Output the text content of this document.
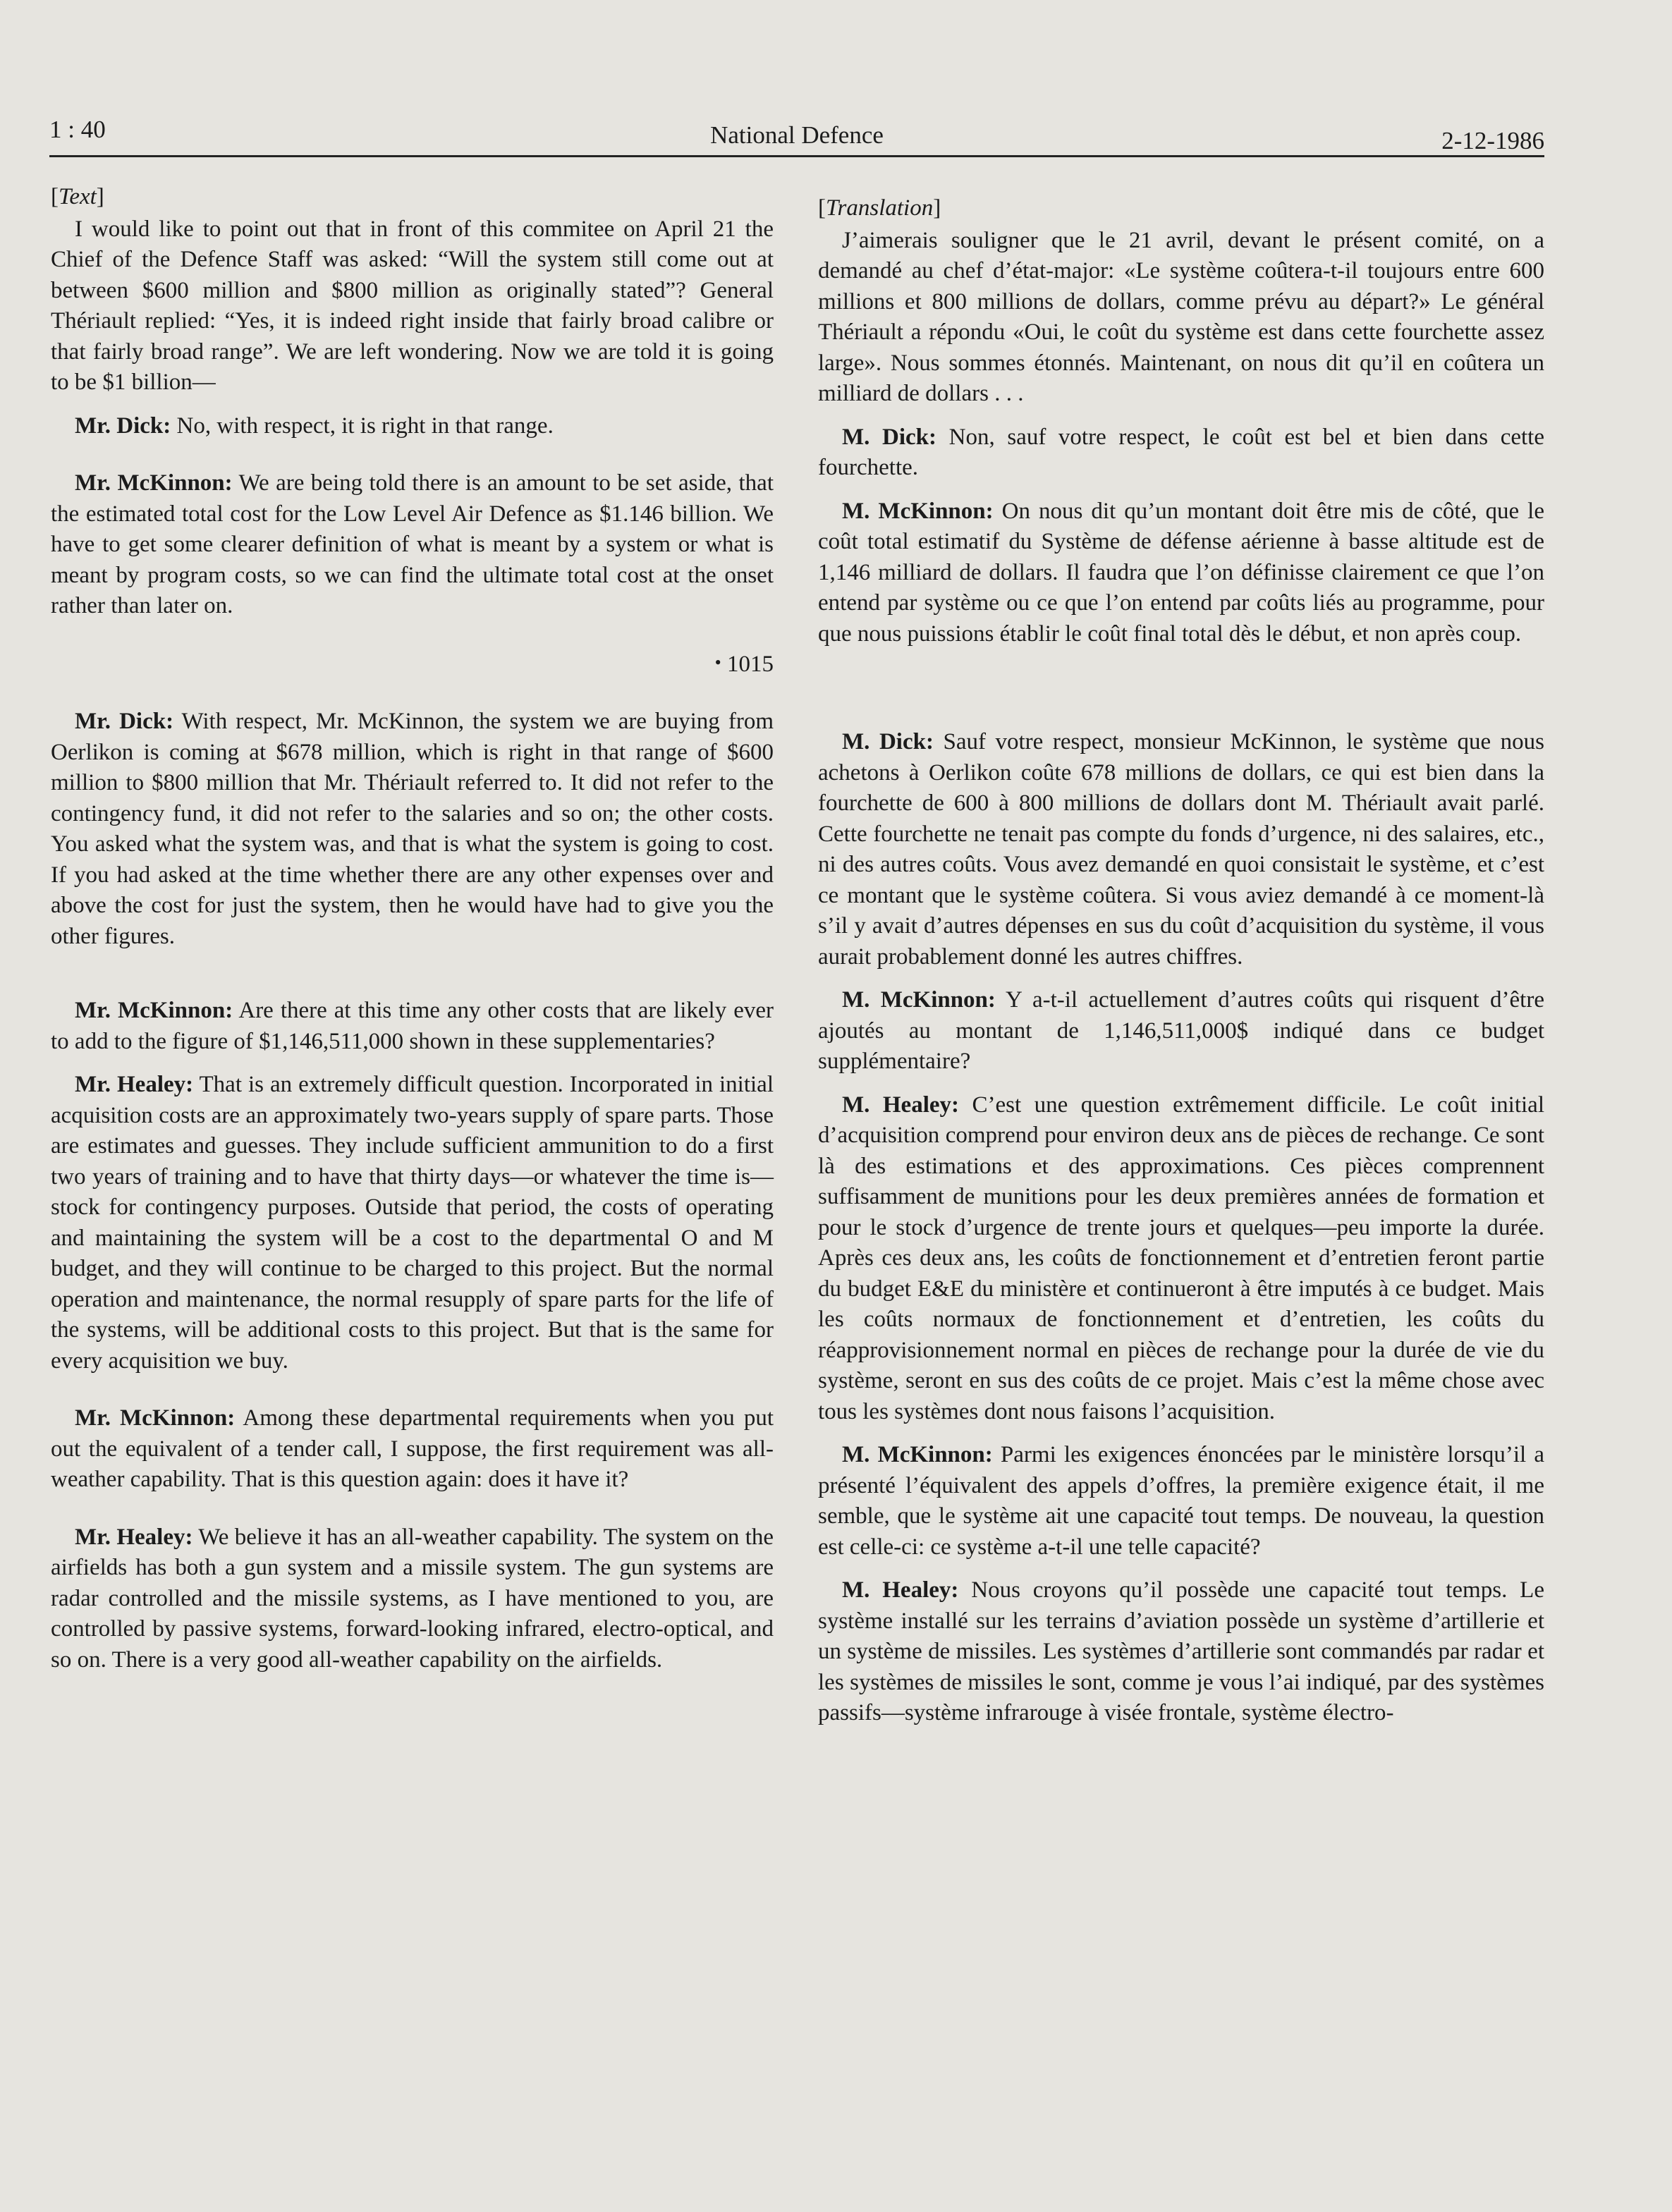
1 : 40	National Defence	2-12-1986
[Text]

I would like to point out that in front of this commitee on April 21 the Chief of the Defence Staff was asked: “Will the system still come out at between $600 million and $800 million as originally stated”? General Thériault replied: “Yes, it is indeed right inside that fairly broad calibre or that fairly broad range”. We are left wondering. Now we are told it is going to be $1 billion—

Mr. Dick: No, with respect, it is right in that range.

Mr. McKinnon: We are being told there is an amount to be set aside, that the estimated total cost for the Low Level Air Defence as $1.146 billion. We have to get some clearer definition of what is meant by a system or what is meant by program costs, so we can find the ultimate total cost at the onset rather than later on.

• 1015

Mr. Dick: With respect, Mr. McKinnon, the system we are buying from Oerlikon is coming at $678 million, which is right in that range of $600 million to $800 million that Mr. Thériault referred to. It did not refer to the contingency fund, it did not refer to the salaries and so on; the other costs. You asked what the system was, and that is what the system is going to cost. If you had asked at the time whether there are any other expenses over and above the cost for just the system, then he would have had to give you the other figures.

Mr. McKinnon: Are there at this time any other costs that are likely ever to add to the figure of $1,146,511,000 shown in these supplementaries?

Mr. Healey: That is an extremely difficult question. Incorporated in initial acquisition costs are an approximately two-years supply of spare parts. Those are estimates and guesses. They include sufficient ammunition to do a first two years of training and to have that thirty days—or whatever the time is—stock for contingency purposes. Outside that period, the costs of operating and maintaining the system will be a cost to the departmental O and M budget, and they will continue to be charged to this project. But the normal operation and maintenance, the normal resupply of spare parts for the life of the systems, will be additional costs to this project. But that is the same for every acquisition we buy.

Mr. McKinnon: Among these departmental requirements when you put out the equivalent of a tender call, I suppose, the first requirement was all-weather capability. That is this question again: does it have it?

Mr. Healey: We believe it has an all-weather capability. The system on the airfields has both a gun system and a missile system. The gun systems are radar controlled and the missile systems, as I have mentioned to you, are controlled by passive systems, forward-looking infrared, electro-optical, and so on. There is a very good all-weather capability on the airfields.

[Translation]

J’aimerais souligner que le 21 avril, devant le présent comité, on a demandé au chef d’état-major: «Le système coûtera-t-il toujours entre 600 millions et 800 millions de dollars, comme prévu au départ?» Le général Thériault a répondu «Oui, le coût du système est dans cette fourchette assez large». Nous sommes étonnés. Maintenant, on nous dit qu’il en coûtera un milliard de dollars . . .

M. Dick: Non, sauf votre respect, le coût est bel et bien dans cette fourchette.

M. McKinnon: On nous dit qu’un montant doit être mis de côté, que le coût total estimatif du Système de défense aérienne à basse altitude est de 1,146 milliard de dollars. Il faudra que l’on définisse clairement ce que l’on entend par système ou ce que l’on entend par coûts liés au programme, pour que nous puissions établir le coût final total dès le début, et non après coup.

M. Dick: Sauf votre respect, monsieur McKinnon, le système que nous achetons à Oerlikon coûte 678 millions de dollars, ce qui est bien dans la fourchette de 600 à 800 millions de dollars dont M. Thériault avait parlé. Cette fourchette ne tenait pas compte du fonds d’urgence, ni des salaires, etc., ni des autres coûts. Vous avez demandé en quoi consistait le système, et c’est ce montant que le système coûtera. Si vous aviez demandé à ce moment-là s’il y avait d’autres dépenses en sus du coût d’acquisition du système, il vous aurait probablement donné les autres chiffres.

M. McKinnon: Y a-t-il actuellement d’autres coûts qui risquent d’être ajoutés au montant de 1,146,511,000$ indiqué dans ce budget supplémentaire?

M. Healey: C’est une question extrêmement difficile. Le coût initial d’acquisition comprend pour environ deux ans de pièces de rechange. Ce sont là des estimations et des approximations. Ces pièces comprennent suffisamment de munitions pour les deux premières années de formation et pour le stock d’urgence de trente jours et quelques—peu importe la durée. Après ces deux ans, les coûts de fonctionnement et d’entretien feront partie du budget E&E du ministère et continueront à être imputés à ce budget. Mais les coûts normaux de fonctionnement et d’entretien, les coûts du réapprovisionnement normal en pièces de rechange pour la durée de vie du système, seront en sus des coûts de ce projet. Mais c’est la même chose avec tous les systèmes dont nous faisons l’acquisition.

M. McKinnon: Parmi les exigences énoncées par le ministère lorsqu’il a présenté l’équivalent des appels d’offres, la première exigence était, il me semble, que le système ait une capacité tout temps. De nouveau, la question est celle-ci: ce système a-t-il une telle capacité?

M. Healey: Nous croyons qu’il possède une capacité tout temps. Le système installé sur les terrains d’aviation possède un système d’artillerie et un système de missiles. Les systèmes d’artillerie sont commandés par radar et les systèmes de missiles le sont, comme je vous l’ai indiqué, par des systèmes passifs—système infrarouge à visée frontale, système électro-
